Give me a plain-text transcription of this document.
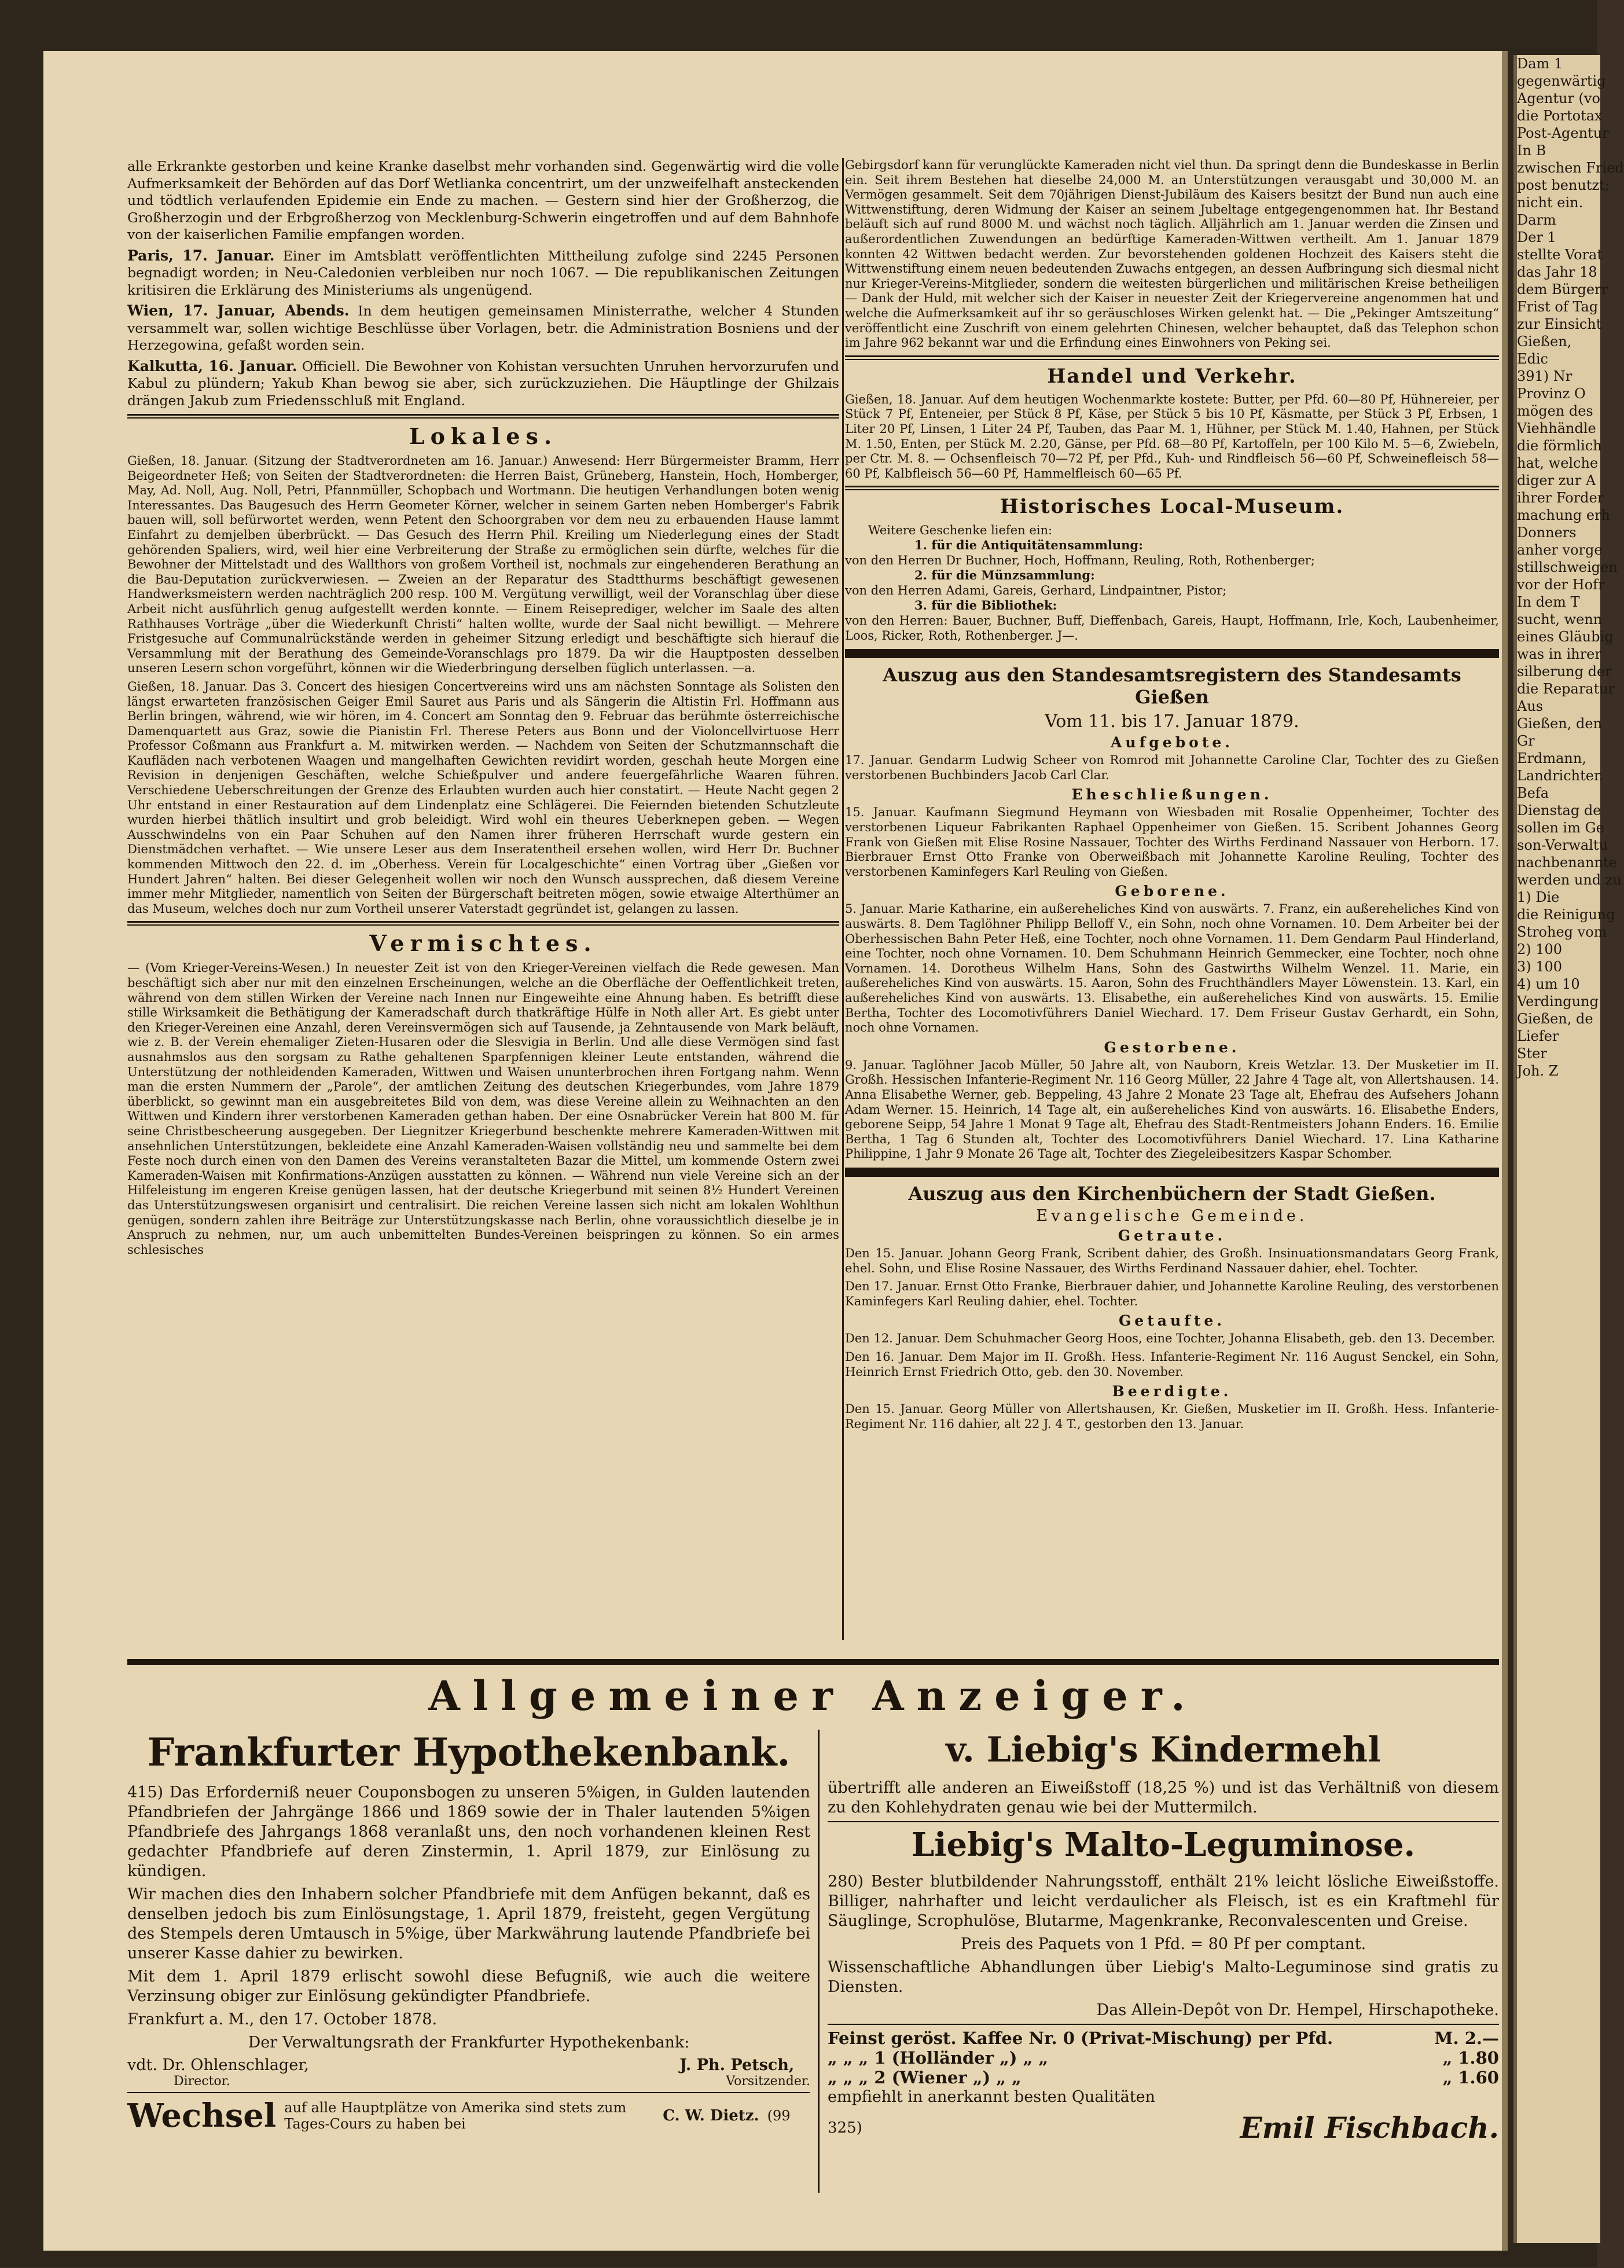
alle Erkrankte gestorben und keine Kranke daselbst mehr vorhanden sind. Gegenwärtig wird die volle Aufmerksamkeit der Behörden auf das Dorf Wetlianka concentrirt, um der unzweifelhaft ansteckenden und tödtlich verlaufenden Epidemie ein Ende zu machen. — Gestern sind hier der Großherzog, die Großherzogin und der Erbgroßherzog von Mecklenburg-Schwerin eingetroffen und auf dem Bahnhofe von der kaiserlichen Familie empfangen worden.

Paris, 17. Januar. Einer im Amtsblatt veröffentlichten Mittheilung zufolge sind 2245 Personen begnadigt worden; in Neu-Caledonien verbleiben nur noch 1067. — Die republikanischen Zeitungen kritisiren die Erklärung des Ministeriums als ungenügend.

Wien, 17. Januar, Abends. In dem heutigen gemeinsamen Ministerrathe, welcher 4 Stunden versammelt war, sollen wichtige Beschlüsse über Vorlagen, betr. die Administration Bosniens und der Herzegowina, gefaßt worden sein.

Kalkutta, 16. Januar. Officiell. Die Bewohner von Kohistan versuchten Unruhen hervorzurufen und Kabul zu plündern; Yakub Khan bewog sie aber, sich zurückzuziehen. Die Häuptlinge der Ghilzais drängen Jakub zum Friedensschluß mit England.

Lokales.

Gießen, 18. Januar. (Sitzung der Stadtverordneten am 16. Januar.) Anwesend: Herr Bürgermeister Bramm, Herr Beigeordneter Heß; von Seiten der Stadtverordneten: die Herren Baist, Grüneberg, Hanstein, Hoch, Homberger, May, Ad. Noll, Aug. Noll, Petri, Pfannmüller, Schopbach und Wortmann. Die heutigen Verhandlungen boten wenig Interessantes. Das Baugesuch des Herrn Geometer Körner, welcher in seinem Garten neben Homberger's Fabrik bauen will, soll befürwortet werden, wenn Petent den Schoorgraben vor dem neu zu erbauenden Hause lammt Einfahrt zu demjelben überbrückt. — Das Gesuch des Herrn Phil. Kreiling um Niederlegung eines der Stadt gehörenden Spaliers, wird, weil hier eine Verbreiterung der Straße zu ermöglichen sein dürfte, welches für die Bewohner der Mittelstadt und des Wallthors von großem Vortheil ist, nochmals zur eingehenderen Berathung an die Bau-Deputation zurückverwiesen. — Zweien an der Reparatur des Stadtthurms beschäftigt gewesenen Handwerksmeistern werden nachträglich 200 resp. 100 M. Vergütung verwilligt, weil der Voranschlag über diese Arbeit nicht ausführlich genug aufgestellt werden konnte. — Einem Reiseprediger, welcher im Saale des alten Rathhauses Vorträge „über die Wiederkunft Christi“ halten wollte, wurde der Saal nicht bewilligt. — Mehrere Fristgesuche auf Communalrückstände werden in geheimer Sitzung erledigt und beschäftigte sich hierauf die Versammlung mit der Berathung des Gemeinde-Voranschlags pro 1879. Da wir die Hauptposten desselben unseren Lesern schon vorgeführt, können wir die Wiederbringung derselben füglich unterlassen. —a.

Gießen, 18. Januar. Das 3. Concert des hiesigen Concertvereins wird uns am nächsten Sonntage als Solisten den längst erwarteten französischen Geiger Emil Sauret aus Paris und als Sängerin die Altistin Frl. Hoffmann aus Berlin bringen, während, wie wir hören, im 4. Concert am Sonntag den 9. Februar das berühmte österreichische Damenquartett aus Graz, sowie die Pianistin Frl. Therese Peters aus Bonn und der Violoncellvirtuose Herr Professor Coßmann aus Frankfurt a. M. mitwirken werden. — Nachdem von Seiten der Schutzmannschaft die Kaufläden nach verbotenen Waagen und mangelhaften Gewichten revidirt worden, geschah heute Morgen eine Revision in denjenigen Geschäften, welche Schießpulver und andere feuergefährliche Waaren führen. Verschiedene Ueberschreitungen der Grenze des Erlaubten wurden auch hier constatirt. — Heute Nacht gegen 2 Uhr entstand in einer Restauration auf dem Lindenplatz eine Schlägerei. Die Feiernden bietenden Schutzleute wurden hierbei thätlich insultirt und grob beleidigt. Wird wohl ein theures Ueberknepen geben. — Wegen Ausschwindelns von ein Paar Schuhen auf den Namen ihrer früheren Herrschaft wurde gestern ein Dienstmädchen verhaftet. — Wie unsere Leser aus dem Inseratentheil ersehen wollen, wird Herr Dr. Buchner kommenden Mittwoch den 22. d. im „Oberhess. Verein für Localgeschichte“ einen Vortrag über „Gießen vor Hundert Jahren“ halten. Bei dieser Gelegenheit wollen wir noch den Wunsch aussprechen, daß diesem Vereine immer mehr Mitglieder, namentlich von Seiten der Bürgerschaft beitreten mögen, sowie etwaige Alterthümer an das Museum, welches doch nur zum Vortheil unserer Vaterstadt gegründet ist, gelangen zu lassen.

Vermischtes.

— (Vom Krieger-Vereins-Wesen.) In neuester Zeit ist von den Krieger-Vereinen vielfach die Rede gewesen. Man beschäftigt sich aber nur mit den einzelnen Erscheinungen, welche an die Oberfläche der Oeffentlichkeit treten, während von dem stillen Wirken der Vereine nach Innen nur Eingeweihte eine Ahnung haben. Es betrifft diese stille Wirksamkeit die Bethätigung der Kameradschaft durch thatkräftige Hülfe in Noth aller Art. Es giebt unter den Krieger-Vereinen eine Anzahl, deren Vereinsvermögen sich auf Tausende, ja Zehntausende von Mark beläuft, wie z. B. der Verein ehemaliger Zieten-Husaren oder die Slesvigia in Berlin. Und alle diese Vermögen sind fast ausnahmslos aus den sorgsam zu Rathe gehaltenen Sparpfennigen kleiner Leute entstanden, während die Unterstützung der nothleidenden Kameraden, Wittwen und Waisen ununterbrochen ihren Fortgang nahm. Wenn man die ersten Nummern der „Parole“, der amtlichen Zeitung des deutschen Kriegerbundes, vom Jahre 1879 überblickt, so gewinnt man ein ausgebreitetes Bild von dem, was diese Vereine allein zu Weihnachten an den Wittwen und Kindern ihrer verstorbenen Kameraden gethan haben. Der eine Osnabrücker Verein hat 800 M. für seine Christbescheerung ausgegeben. Der Liegnitzer Kriegerbund beschenkte mehrere Kameraden-Wittwen mit ansehnlichen Unterstützungen, bekleidete eine Anzahl Kameraden-Waisen vollständig neu und sammelte bei dem Feste noch durch einen von den Damen des Vereins veranstalteten Bazar die Mittel, um kommende Ostern zwei Kameraden-Waisen mit Konfirmations-Anzügen ausstatten zu können. — Während nun viele Vereine sich an der Hilfeleistung im engeren Kreise genügen lassen, hat der deutsche Kriegerbund mit seinen 8½ Hundert Vereinen das Unterstützungswesen organisirt und centralisirt. Die reichen Vereine lassen sich nicht am lokalen Wohlthun genügen, sondern zahlen ihre Beiträge zur Unterstützungskasse nach Berlin, ohne voraussichtlich dieselbe je in Anspruch zu nehmen, nur, um auch unbemittelten Bundes-Vereinen beispringen zu können. So ein armes schlesisches

Gebirgsdorf kann für verunglückte Kameraden nicht viel thun. Da springt denn die Bundeskasse in Berlin ein. Seit ihrem Bestehen hat dieselbe 24,000 M. an Unterstützungen verausgabt und 30,000 M. an Vermögen gesammelt. Seit dem 70jährigen Dienst-Jubiläum des Kaisers besitzt der Bund nun auch eine Wittwenstiftung, deren Widmung der Kaiser an seinem Jubeltage entgegengenommen hat. Ihr Bestand beläuft sich auf rund 8000 M. und wächst noch täglich. Alljährlich am 1. Januar werden die Zinsen und außerordentlichen Zuwendungen an bedürftige Kameraden-Wittwen vertheilt. Am 1. Januar 1879 konnten 42 Wittwen bedacht werden. Zur bevorstehenden goldenen Hochzeit des Kaisers steht die Wittwenstiftung einem neuen bedeutenden Zuwachs entgegen, an dessen Aufbringung sich diesmal nicht nur Krieger-Vereins-Mitglieder, sondern die weitesten bürgerlichen und militärischen Kreise betheiligen — Dank der Huld, mit welcher sich der Kaiser in neuester Zeit der Kriegervereine angenommen hat und welche die Aufmerksamkeit auf ihr so geräuschloses Wirken gelenkt hat. — Die „Pekinger Amtszeitung“ veröffentlicht eine Zuschrift von einem gelehrten Chinesen, welcher behauptet, daß das Telephon schon im Jahre 962 bekannt war und die Erfindung eines Einwohners von Peking sei.

Handel und Verkehr.

Gießen, 18. Januar. Auf dem heutigen Wochenmarkte kostete: Butter, per Pfd. 60—80 Pf, Hühnereier, per Stück 7 Pf, Enteneier, per Stück 8 Pf, Käse, per Stück 5 bis 10 Pf, Käsmatte, per Stück 3 Pf, Erbsen, 1 Liter 20 Pf, Linsen, 1 Liter 24 Pf, Tauben, das Paar M. 1, Hühner, per Stück M. 1.40, Hahnen, per Stück M. 1.50, Enten, per Stück M. 2.20, Gänse, per Pfd. 68—80 Pf, Kartoffeln, per 100 Kilo M. 5—6, Zwiebeln, per Ctr. M. 8. — Ochsenfleisch 70—72 Pf, per Pfd., Kuh- und Rindfleisch 56—60 Pf, Schweinefleisch 58—60 Pf, Kalbfleisch 56—60 Pf, Hammelfleisch 60—65 Pf.

Historisches Local-Museum.

Weitere Geschenke liefen ein:

1. für die Antiquitätensammlung:

von den Herren Dr Buchner, Hoch, Hoffmann, Reuling, Roth, Rothenberger;

2. für die Münzsammlung:

von den Herren Adami, Gareis, Gerhard, Lindpaintner, Pistor;

3. für die Bibliothek:

von den Herren: Bauer, Buchner, Buff, Dieffenbach, Gareis, Haupt, Hoffmann, Irle, Koch, Laubenheimer, Loos, Ricker, Roth, Rothenberger. J—.

Auszug aus den Standesamtsregistern des Standesamts Gießen
Vom 11. bis 17. Januar 1879.
Aufgebote.

17. Januar. Gendarm Ludwig Scheer von Romrod mit Johannette Caroline Clar, Tochter des zu Gießen verstorbenen Buchbinders Jacob Carl Clar.

Eheschließungen.

15. Januar. Kaufmann Siegmund Heymann von Wiesbaden mit Rosalie Oppenheimer, Tochter des verstorbenen Liqueur Fabrikanten Raphael Oppenheimer von Gießen. 15. Scribent Johannes Georg Frank von Gießen mit Elise Rosine Nassauer, Tochter des Wirths Ferdinand Nassauer von Herborn. 17. Bierbrauer Ernst Otto Franke von Oberweißbach mit Johannette Karoline Reuling, Tochter des verstorbenen Kaminfegers Karl Reuling von Gießen.

Geborene.

5. Januar. Marie Katharine, ein außereheliches Kind von auswärts. 7. Franz, ein außereheliches Kind von auswärts. 8. Dem Taglöhner Philipp Belloff V., ein Sohn, noch ohne Vornamen. 10. Dem Arbeiter bei der Oberhessischen Bahn Peter Heß, eine Tochter, noch ohne Vornamen. 11. Dem Gendarm Paul Hinderland, eine Tochter, noch ohne Vornamen. 10. Dem Schuhmann Heinrich Gemmecker, eine Tochter, noch ohne Vornamen. 14. Dorotheus Wilhelm Hans, Sohn des Gastwirths Wilhelm Wenzel. 11. Marie, ein außereheliches Kind von auswärts. 15. Aaron, Sohn des Fruchthändlers Mayer Löwenstein. 13. Karl, ein außereheliches Kind von auswärts. 13. Elisabethe, ein außereheliches Kind von auswärts. 15. Emilie Bertha, Tochter des Locomotivführers Daniel Wiechard. 17. Dem Friseur Gustav Gerhardt, ein Sohn, noch ohne Vornamen.

Gestorbene.

9. Januar. Taglöhner Jacob Müller, 50 Jahre alt, von Nauborn, Kreis Wetzlar. 13. Der Musketier im II. Großh. Hessischen Infanterie-Regiment Nr. 116 Georg Müller, 22 Jahre 4 Tage alt, von Allertshausen. 14. Anna Elisabethe Werner, geb. Beppeling, 43 Jahre 2 Monate 23 Tage alt, Ehefrau des Aufsehers Johann Adam Werner. 15. Heinrich, 14 Tage alt, ein außereheliches Kind von auswärts. 16. Elisabethe Enders, geborene Seipp, 54 Jahre 1 Monat 9 Tage alt, Ehefrau des Stadt-Rentmeisters Johann Enders. 16. Emilie Bertha, 1 Tag 6 Stunden alt, Tochter des Locomotivführers Daniel Wiechard. 17. Lina Katharine Philippine, 1 Jahr 9 Monate 26 Tage alt, Tochter des Ziegeleibesitzers Kaspar Schomber.

Auszug aus den Kirchenbüchern der Stadt Gießen.
Evangelische Gemeinde.
Getraute.

Den 15. Januar. Johann Georg Frank, Scribent dahier, des Großh. Insinuationsmandatars Georg Frank, ehel. Sohn, und Elise Rosine Nassauer, des Wirths Ferdinand Nassauer dahier, ehel. Tochter.

Den 17. Januar. Ernst Otto Franke, Bierbrauer dahier, und Johannette Karoline Reuling, des verstorbenen Kaminfegers Karl Reuling dahier, ehel. Tochter.

Getaufte.

Den 12. Januar. Dem Schuhmacher Georg Hoos, eine Tochter, Johanna Elisabeth, geb. den 13. December.

Den 16. Januar. Dem Major im II. Großh. Hess. Infanterie-Regiment Nr. 116 August Senckel, ein Sohn, Heinrich Ernst Friedrich Otto, geb. den 30. November.

Beerdigte.

Den 15. Januar. Georg Müller von Allertshausen, Kr. Gießen, Musketier im II. Großh. Hess. Infanterie-Regiment Nr. 116 dahier, alt 22 J. 4 T., gestorben den 13. Januar.

Allgemeiner Anzeiger.
Frankfurter Hypothekenbank.

415) Das Erforderniß neuer Couponsbogen zu unseren 5%igen, in Gulden lautenden Pfandbriefen der Jahrgänge 1866 und 1869 sowie der in Thaler lautenden 5%igen Pfandbriefe des Jahrgangs 1868 veranlaßt uns, den noch vorhandenen kleinen Rest gedachter Pfandbriefe auf deren Zinstermin, 1. April 1879, zur Einlösung zu kündigen.

Wir machen dies den Inhabern solcher Pfandbriefe mit dem Anfügen bekannt, daß es denselben jedoch bis zum Einlösungstage, 1. April 1879, freisteht, gegen Vergütung des Stempels deren Umtausch in 5%ige, über Markwährung lautende Pfandbriefe bei unserer Kasse dahier zu bewirken.

Mit dem 1. April 1879 erlischt sowohl diese Befugniß, wie auch die weitere Verzinsung obiger zur Einlösung gekündigter Pfandbriefe.

Frankfurt a. M., den 17. October 1878.

Der Verwaltungsrath der Frankfurter Hypothekenbank:

vdt. Dr. Ohlenschlager,
Director.
J. Ph. Petsch,
Vorsitzender.
Wechsel auf alle Hauptplätze von Amerika sind stets zum Tages-Cours zu haben bei	C. W. Dietz. (99
v. Liebig's Kindermehl

übertrifft alle anderen an Eiweißstoff (18,25 %) und ist das Verhältniß von diesem zu den Kohlehydraten genau wie bei der Muttermilch.

Liebig's Malto-Leguminose.

280) Bester blutbildender Nahrungsstoff, enthält 21% leicht lösliche Eiweißstoffe. Billiger, nahrhafter und leicht verdaulicher als Fleisch, ist es ein Kraftmehl für Säuglinge, Scrophulöse, Blutarme, Magenkranke, Reconvalescenten und Greise.

Preis des Paquets von 1 Pfd. = 80 Pf per comptant.

Wissenschaftliche Abhandlungen über Liebig's Malto-Leguminose sind gratis zu Diensten.

Das Allein-Depôt von Dr. Hempel, Hirschapotheke.

Feinst geröst. Kaffee Nr. 0 (Privat-Mischung) per Pfd.	M. 2.—
„ „ „ 1 (Holländer „) „ „	„ 1.80
„ „ „ 2 (Wiener „) „ „	„ 1.60

empfiehlt in anerkannt besten Qualitäten

325)	Emil Fischbach.

Dam 1

gegenwärtig

Agentur (vo

die Portotax

Post-Agentur

In B

zwischen Fried

post benutzt;

nicht ein.

Darm

Der 1

stellte Vorat

das Jahr 18

dem Bürgerr

Frist of Tag

zur Einsicht

Gießen,

Edic

391) Nr

Provinz O

mögen des

Viehhändle

die förmlich

hat, welche

diger zur A

ihrer Forder

machung erh

Donners

anher vorge

stillschweigen

vor der Hofr

In dem T

sucht, wenn

eines Gläubig

was in ihrer

silberung der

die Reparatur

Aus

Gießen, den

Gr

Erdmann,

Landrichter.

Befa

Dienstag de

sollen im Ge

son-Verwaltu

nachbenannte

werden und zu

1) Die

die Reinigung

Stroheg vom

2) 100

3) 100

4) um 10

Verdingung

Gießen, de

Liefer

Ster

Joh. Z
